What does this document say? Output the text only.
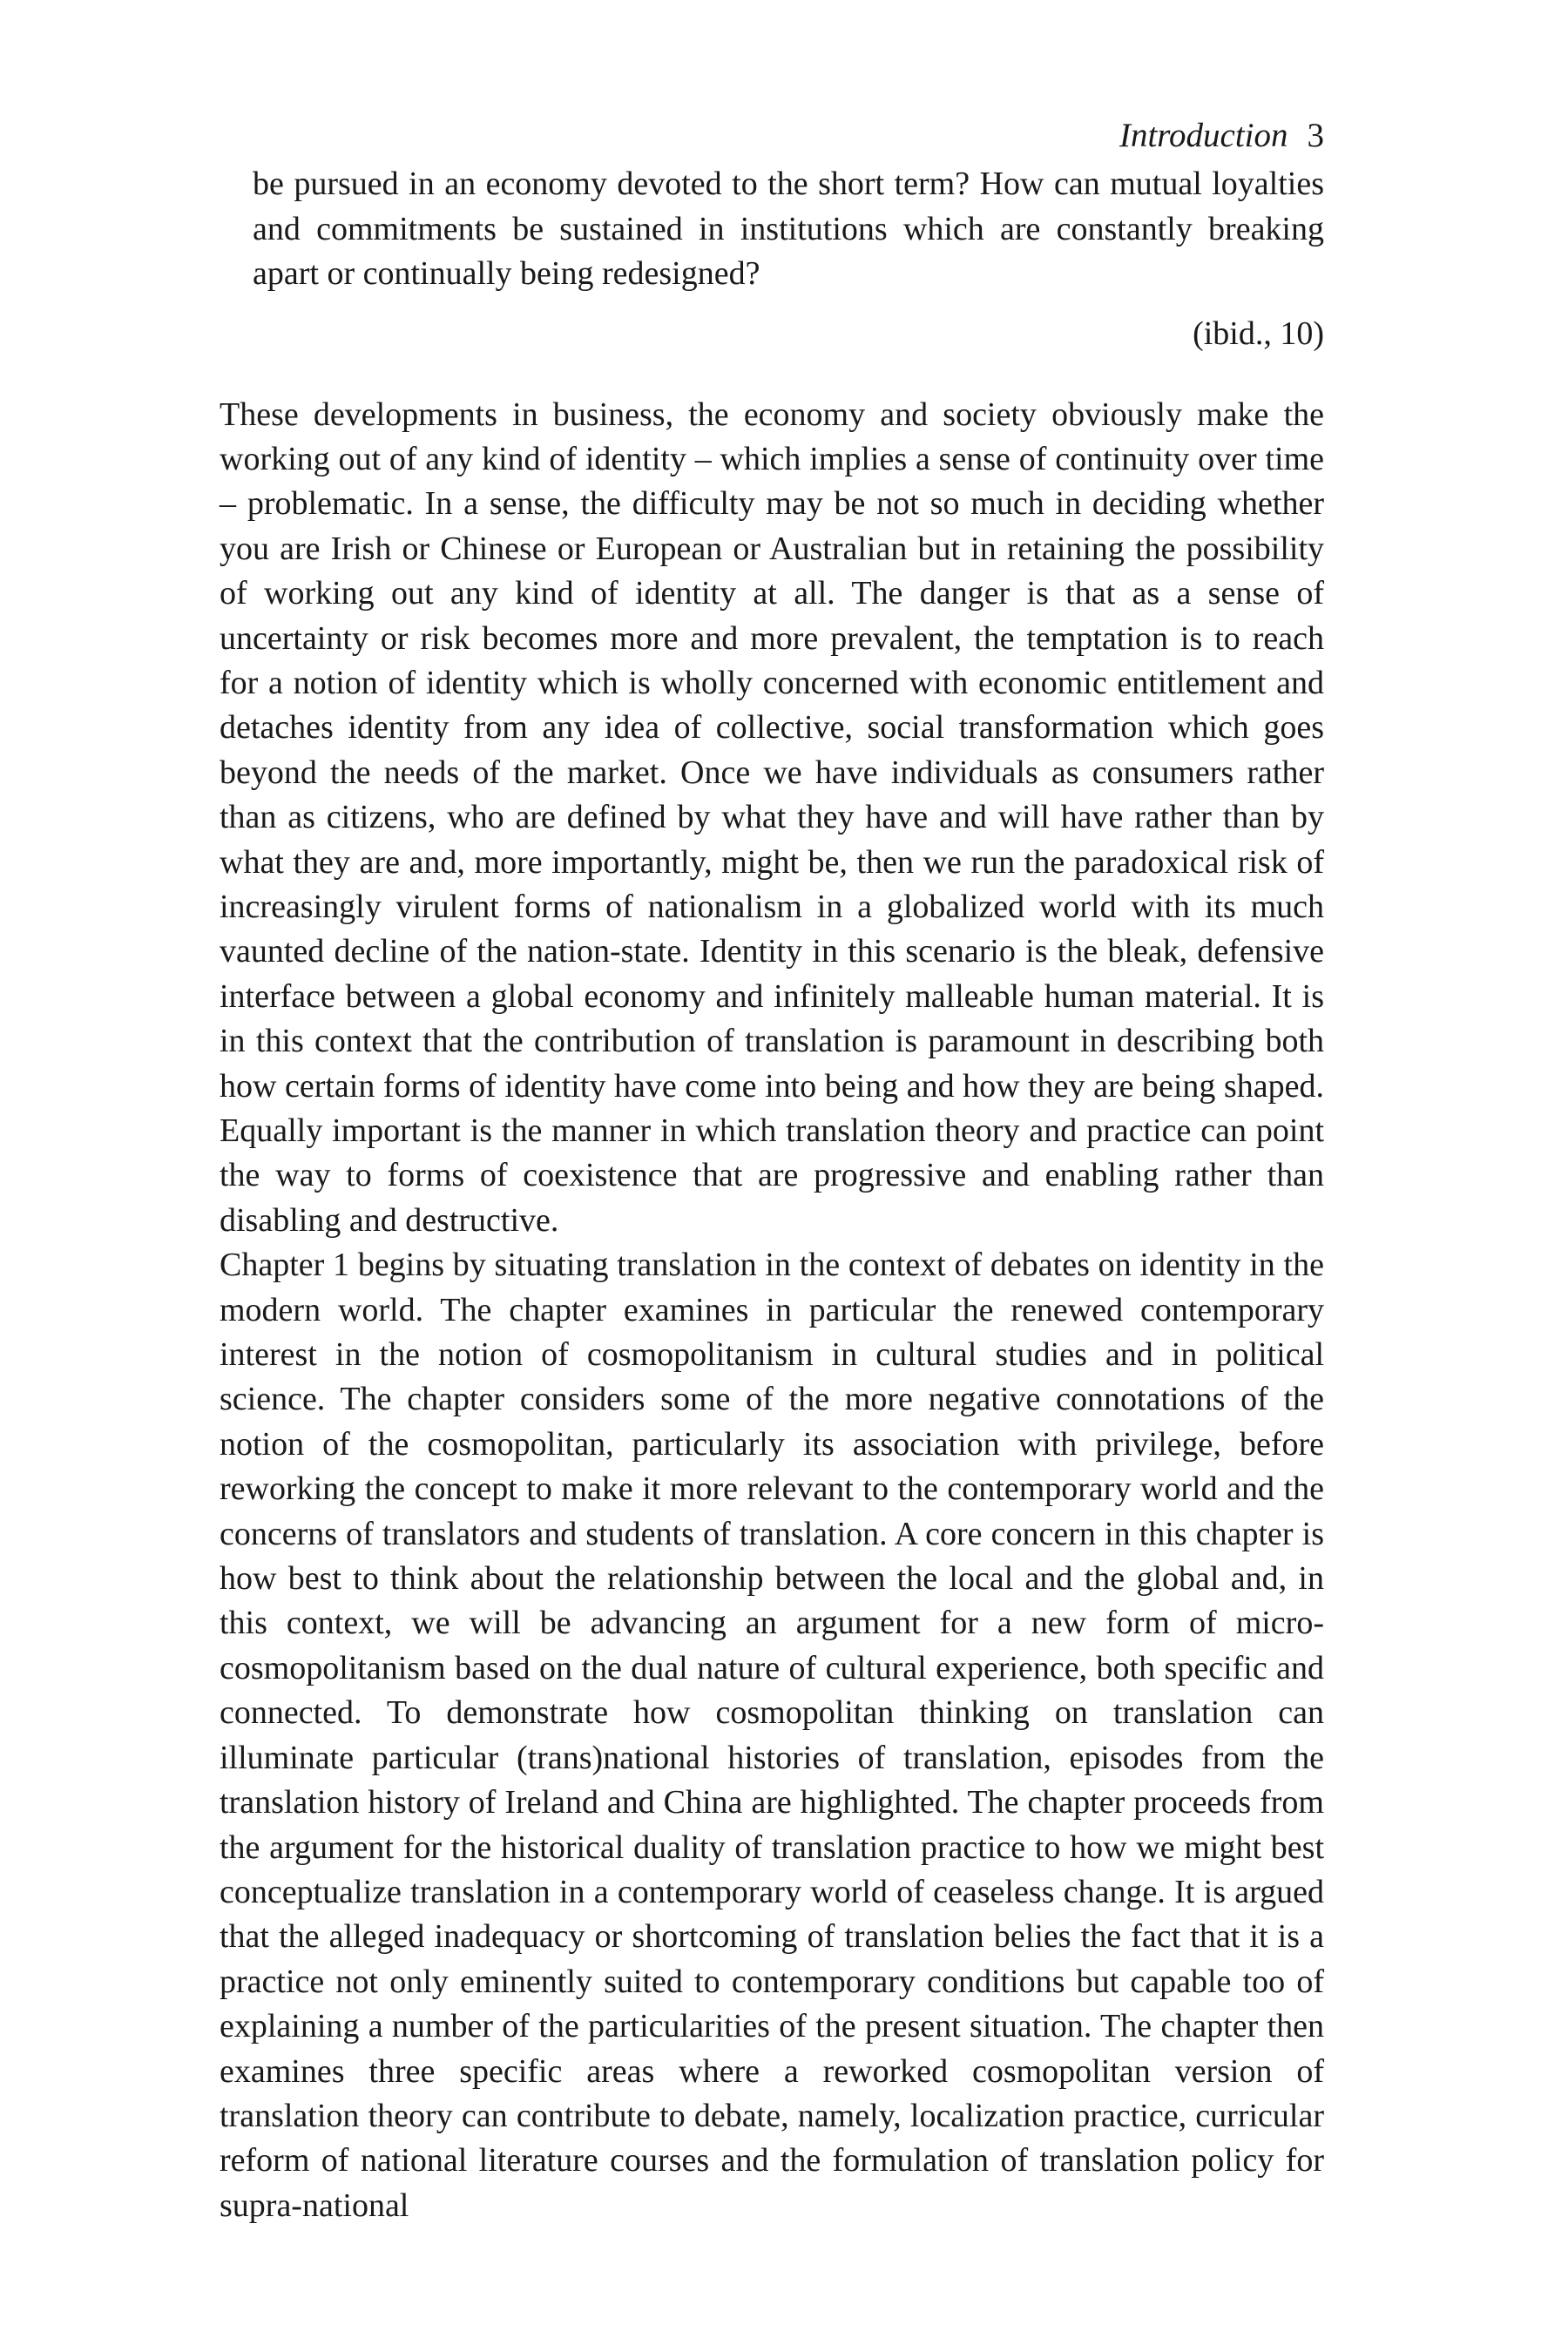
Introduction 3

be pursued in an economy devoted to the short term? How can mutual loyalties and commitments be sustained in institutions which are constantly breaking apart or continually being redesigned?

(ibid., 10)

These developments in business, the economy and society obviously make the working out of any kind of identity – which implies a sense of continuity over time – problematic. In a sense, the difficulty may be not so much in deciding whether you are Irish or Chinese or European or Australian but in retaining the possibility of working out any kind of identity at all. The danger is that as a sense of uncertainty or risk becomes more and more prevalent, the temptation is to reach for a notion of identity which is wholly concerned with economic entitlement and detaches identity from any idea of collective, social transformation which goes beyond the needs of the market. Once we have individuals as consumers rather than as citizens, who are defined by what they have and will have rather than by what they are and, more importantly, might be, then we run the paradoxical risk of increasingly virulent forms of nationalism in a globalized world with its much vaunted decline of the nation-state. Identity in this scenario is the bleak, defensive interface between a global economy and infinitely malleable human material. It is in this context that the contribution of translation is paramount in describing both how certain forms of identity have come into being and how they are being shaped. Equally important is the manner in which translation theory and practice can point the way to forms of coexistence that are progressive and enabling rather than disabling and destructive.

Chapter 1 begins by situating translation in the context of debates on identity in the modern world. The chapter examines in particular the renewed contemporary interest in the notion of cosmopolitanism in cultural studies and in political science. The chapter considers some of the more negative connotations of the notion of the cosmopolitan, particularly its association with privilege, before reworking the concept to make it more relevant to the contemporary world and the concerns of translators and students of translation. A core concern in this chapter is how best to think about the relationship between the local and the global and, in this context, we will be advancing an argument for a new form of micro-cosmopolitanism based on the dual nature of cultural experience, both specific and connected. To demonstrate how cosmopolitan thinking on translation can illuminate particular (trans)national histories of translation, episodes from the translation history of Ireland and China are highlighted. The chapter proceeds from the argument for the historical duality of translation practice to how we might best conceptualize translation in a contemporary world of ceaseless change. It is argued that the alleged inadequacy or shortcoming of translation belies the fact that it is a practice not only eminently suited to contemporary conditions but capable too of explaining a number of the particularities of the present situation. The chapter then examines three specific areas where a reworked cosmopolitan version of translation theory can contribute to debate, namely, localization practice, curricular reform of national literature courses and the formulation of translation policy for supra-national
